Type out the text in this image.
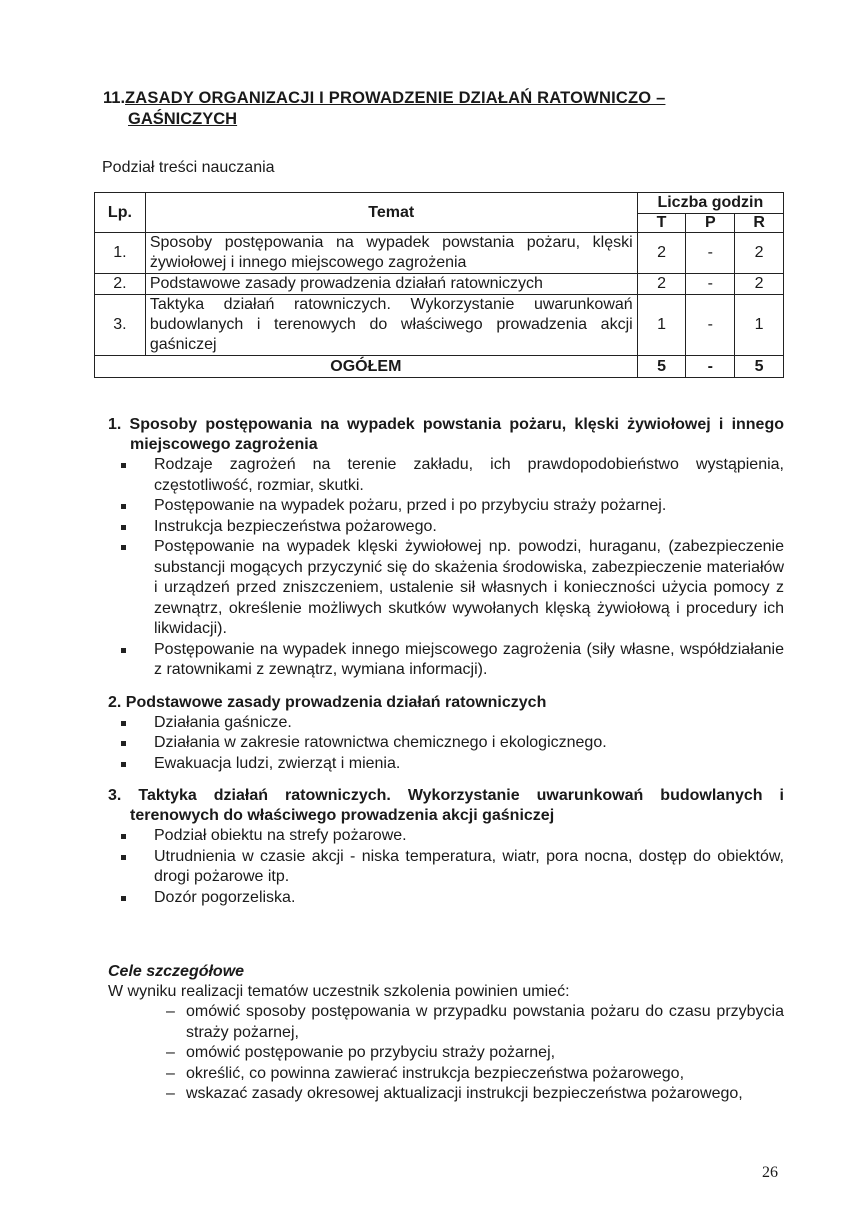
11.ZASADY ORGANIZACJI I PROWADZENIE DZIAŁAŃ RATOWNICZO –
GAŚNICZYCH
Podział treści nauczania
Lp.	Temat	Liczba godzin		
		T	P	R
1.	Sposoby postępowania na wypadek powstania pożaru, klęski żywiołowej i innego miejscowego zagrożenia	2	-	2
2.	Podstawowe zasady prowadzenia działań ratowniczych	2	-	2
3.	Taktyka działań ratowniczych. Wykorzystanie uwarunkowań budowlanych i terenowych do właściwego prowadzenia akcji gaśniczej	1	-	1
OGÓŁEM		5	-	5

1. Sposoby postępowania na wypadek powstania pożaru, klęski żywiołowej i innego miejscowego zagrożenia

Rodzaje zagrożeń na terenie zakładu, ich prawdopodobieństwo wystąpienia, częstotliwość, rozmiar, skutki.
Postępowanie na wypadek pożaru, przed i po przybyciu straży pożarnej.
Instrukcja bezpieczeństwa pożarowego.
Postępowanie na wypadek klęski żywiołowej np. powodzi, huraganu, (zabezpieczenie substancji mogących przyczynić się do skażenia środowiska, zabezpieczenie materiałów i urządzeń przed zniszczeniem, ustalenie sił własnych i konieczności użycia pomocy z zewnątrz, określenie możliwych skutków wywołanych klęską żywiołową i procedury ich likwidacji).
Postępowanie na wypadek innego miejscowego zagrożenia (siły własne, współdziałanie z ratownikami z zewnątrz, wymiana informacji).

2. Podstawowe zasady prowadzenia działań ratowniczych

Działania gaśnicze.
Działania w zakresie ratownictwa chemicznego i ekologicznego.
Ewakuacja ludzi, zwierząt i mienia.

3. Taktyka działań ratowniczych. Wykorzystanie uwarunkowań budowlanych i terenowych do właściwego prowadzenia akcji gaśniczej

Podział obiektu na strefy pożarowe.
Utrudnienia w czasie akcji - niska temperatura, wiatr, pora nocna, dostęp do obiektów, drogi pożarowe itp.
Dozór pogorzeliska.
Cele szczegółowe
W wyniku realizacji tematów uczestnik szkolenia powinien umieć:
– omówić sposoby postępowania w przypadku powstania pożaru do czasu przybycia straży pożarnej,
– omówić postępowanie po przybyciu straży pożarnej,
– określić, co powinna zawierać instrukcja bezpieczeństwa pożarowego,
– wskazać zasady okresowej aktualizacji instrukcji bezpieczeństwa pożarowego,
26
